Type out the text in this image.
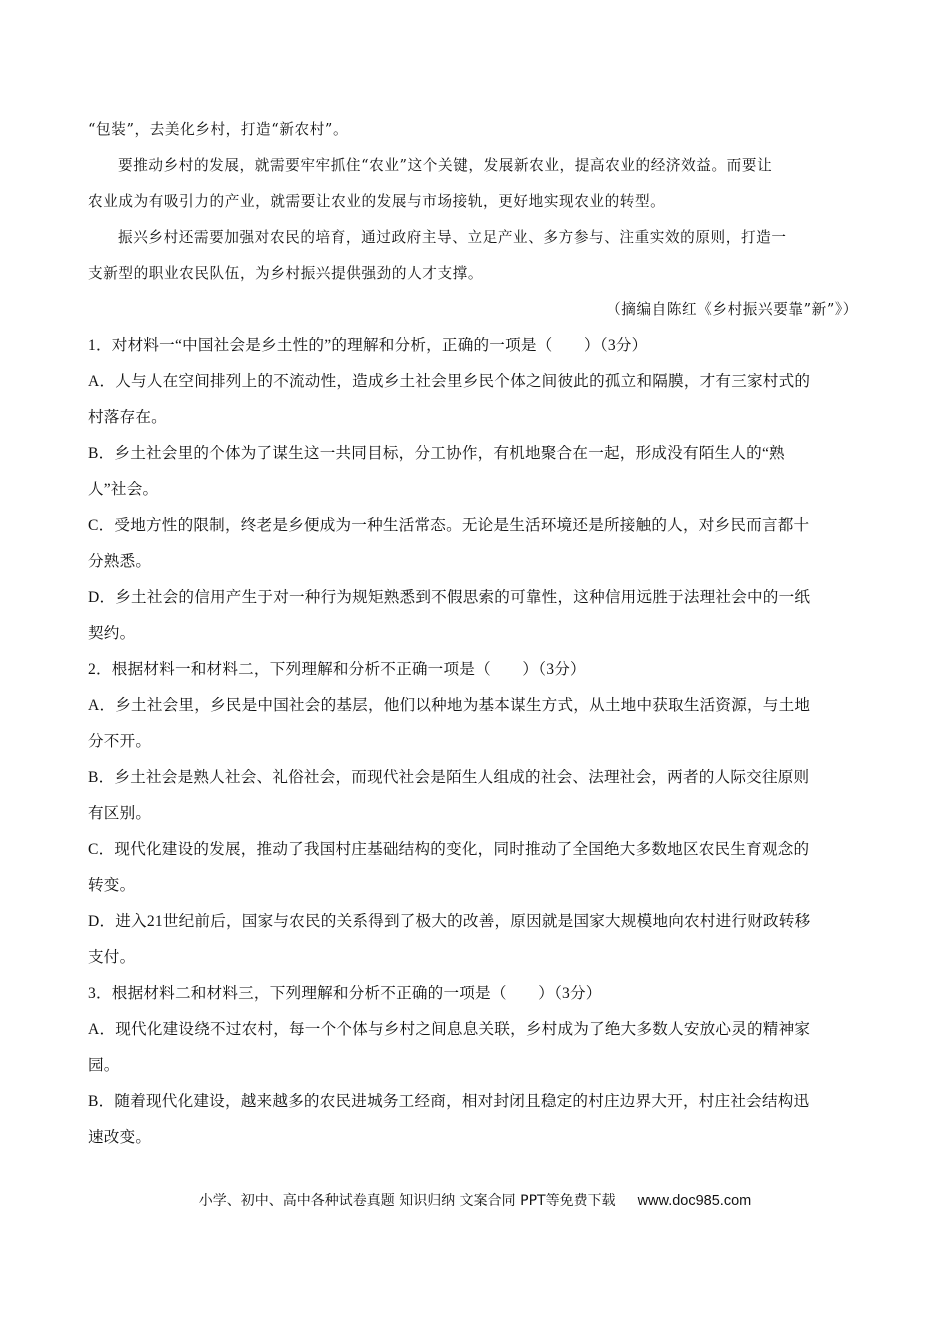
“包装”，去美化乡村，打造“新农村”。
要推动乡村的发展，就需要牢牢抓住“农业”这个关键，发展新农业，提高农业的经济效益。而要让
农业成为有吸引力的产业，就需要让农业的发展与市场接轨，更好地实现农业的转型。
振兴乡村还需要加强对农民的培育，通过政府主导、立足产业、多方参与、注重实效的原则，打造一
支新型的职业农民队伍，为乡村振兴提供强劲的人才支撑。
（摘编自陈红《乡村振兴要靠”新”》）
1．对材料一“中国社会是乡土性的”的理解和分析，正确的一项是（　　）（3分）
A．人与人在空间排列上的不流动性，造成乡土社会里乡民个体之间彼此的孤立和隔膜，才有三家村式的
村落存在。
B．乡土社会里的个体为了谋生这一共同目标，分工协作，有机地聚合在一起，形成没有陌生人的“熟
人”社会。
C．受地方性的限制，终老是乡便成为一种生活常态。无论是生活环境还是所接触的人，对乡民而言都十
分熟悉。
D．乡土社会的信用产生于对一种行为规矩熟悉到不假思索的可靠性，这种信用远胜于法理社会中的一纸
契约。
2．根据材料一和材料二，下列理解和分析不正确一项是（　　）（3分）
A．乡土社会里，乡民是中国社会的基层，他们以种地为基本谋生方式，从土地中获取生活资源，与土地
分不开。
B．乡土社会是熟人社会、礼俗社会，而现代社会是陌生人组成的社会、法理社会，两者的人际交往原则
有区别。
C．现代化建设的发展，推动了我国村庄基础结构的变化，同时推动了全国绝大多数地区农民生育观念的
转变。
D．进入21世纪前后，国家与农民的关系得到了极大的改善，原因就是国家大规模地向农村进行财政转移
支付。
3．根据材料二和材料三，下列理解和分析不正确的一项是（　　）（3分）
A．现代化建设绕不过农村，每一个个体与乡村之间息息关联，乡村成为了绝大多数人安放心灵的精神家
园。
B．随着现代化建设，越来越多的农民进城务工经商，相对封闭且稳定的村庄边界大开，村庄社会结构迅
速改变。
小学、初中、高中各种试卷真题 知识归纳 文案合同 PPT等免费下载 www.doc985.com
